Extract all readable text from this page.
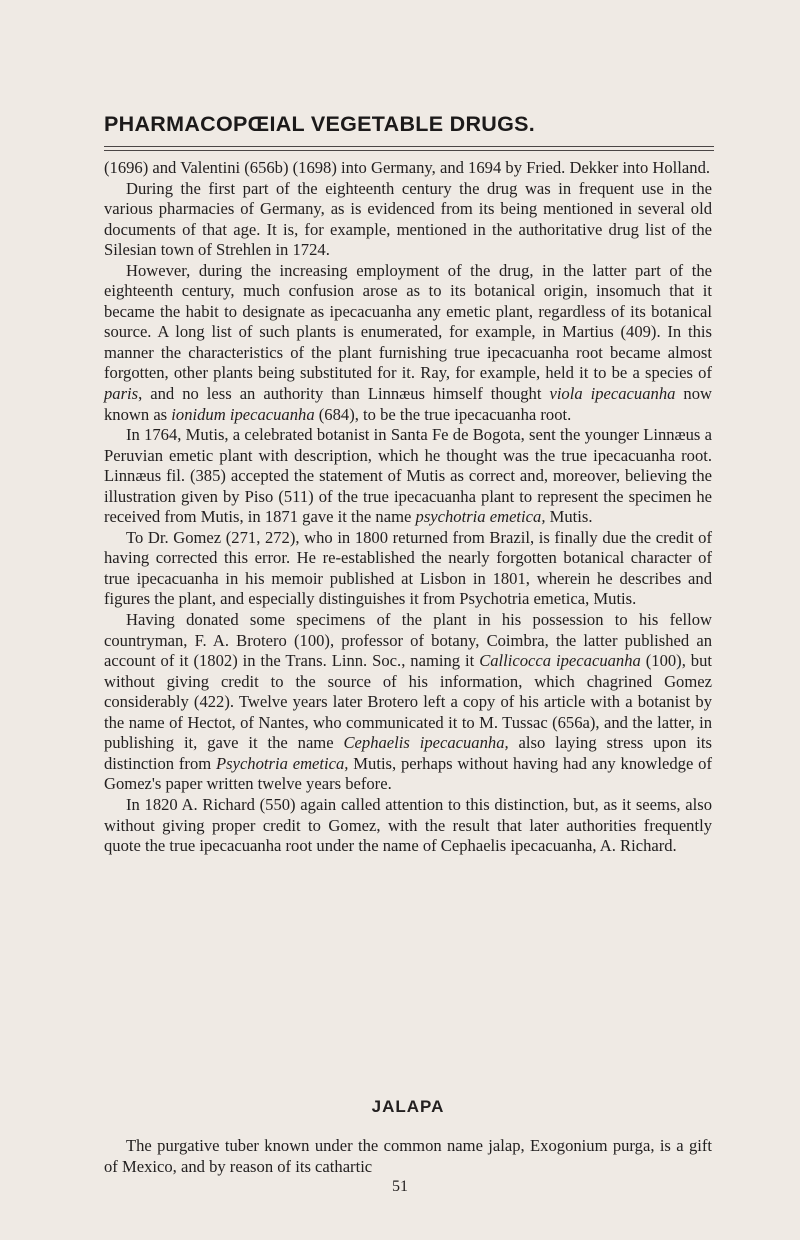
PHARMACOPŒIAL VEGETABLE DRUGS.

(1696) and Valentini (656b) (1698) into Germany, and 1694 by Fried. Dekker into Holland.

During the first part of the eighteenth century the drug was in frequent use in the various pharmacies of Germany, as is evidenced from its being mentioned in several old documents of that age. It is, for example, mentioned in the authoritative drug list of the Silesian town of Strehlen in 1724.

However, during the increasing employment of the drug, in the latter part of the eighteenth century, much confusion arose as to its botanical origin, insomuch that it became the habit to designate as ipecacuanha any emetic plant, regardless of its botanical source. A long list of such plants is enumerated, for example, in Martius (409). In this manner the characteristics of the plant furnishing true ipecacuanha root became almost forgotten, other plants being substituted for it. Ray, for example, held it to be a species of paris, and no less an authority than Linnæus himself thought viola ipecacuanha now known as ionidum ipecacuanha (684), to be the true ipecacuanha root.

In 1764, Mutis, a celebrated botanist in Santa Fe de Bogota, sent the younger Linnæus a Peruvian emetic plant with description, which he thought was the true ipecacuanha root. Linnæus fil. (385) accepted the statement of Mutis as correct and, moreover, believing the illustration given by Piso (511) of the true ipecacuanha plant to represent the specimen he received from Mutis, in 1871 gave it the name psychotria emetica, Mutis.

To Dr. Gomez (271, 272), who in 1800 returned from Brazil, is finally due the credit of having corrected this error. He re-established the nearly forgotten botanical character of true ipecacuanha in his memoir published at Lisbon in 1801, wherein he describes and figures the plant, and especially distinguishes it from Psychotria emetica, Mutis.

Having donated some specimens of the plant in his possession to his fellow countryman, F. A. Brotero (100), professor of botany, Coimbra, the latter published an account of it (1802) in the Trans. Linn. Soc., naming it Callicocca ipecacuanha (100), but without giving credit to the source of his information, which chagrined Gomez considerably (422). Twelve years later Brotero left a copy of his article with a botanist by the name of Hectot, of Nantes, who communicated it to M. Tussac (656a), and the latter, in publishing it, gave it the name Cephaelis ipecacuanha, also laying stress upon its distinction from Psychotria emetica, Mutis, perhaps without having had any knowledge of Gomez's paper written twelve years before.

In 1820 A. Richard (550) again called attention to this distinction, but, as it seems, also without giving proper credit to Gomez, with the result that later authorities frequently quote the true ipecacuanha root under the name of Cephaelis ipecacuanha, A. Richard.

JALAPA

The purgative tuber known under the common name jalap, Exogonium purga, is a gift of Mexico, and by reason of its cathartic

51
